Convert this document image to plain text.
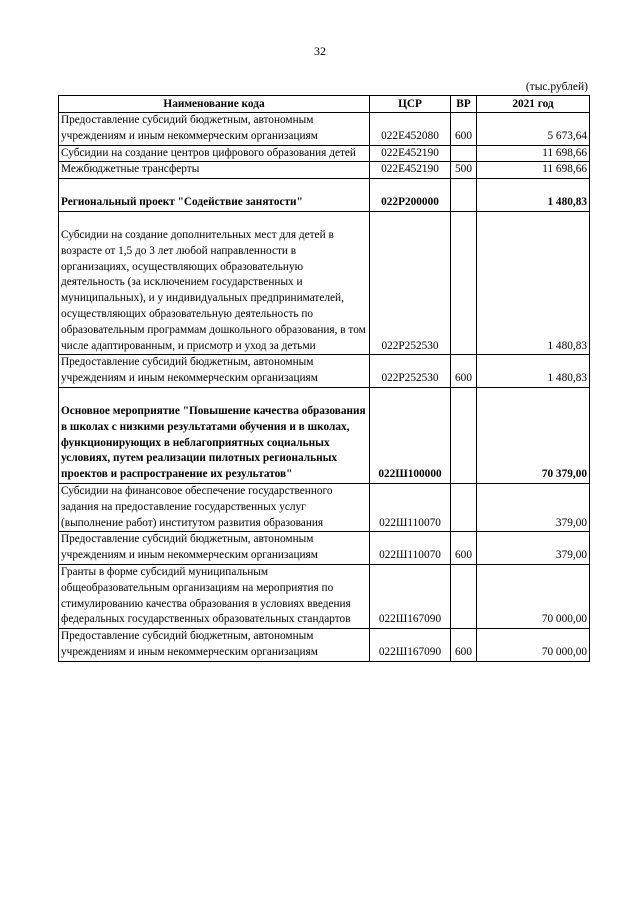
32
(тыс.рублей)
Наименование кода	ЦСР	ВР	2021 год
Предоставление субсидий бюджетным, автономным учреждениям и иным некоммерческим организациям	022E452080	600	5 673,64
Субсидии на создание центров цифрового образования детей	022E452190		11 698,66
Межбюджетные трансферты	022E452190	500	11 698,66
Региональный проект "Содействие занятости"	022P200000		1 480,83
Субсидии на создание дополнительных мест для детей в возрасте от 1,5 до 3 лет любой направленности в организациях, осуществляющих образовательную деятельность (за исключением государственных и муниципальных), и у индивидуальных предпринимателей, осуществляющих образовательную деятельность по образовательным программам дошкольного образования, в том числе адаптированным, и присмотр и уход за детьми	022P252530		1 480,83
Предоставление субсидий бюджетным, автономным учреждениям и иным некоммерческим организациям	022P252530	600	1 480,83
Основное мероприятие "Повышение качества образования в школах с низкими результатами обучения и в школах, функционирующих в неблагоприятных социальных условиях, путем реализации пилотных региональных проектов и распространение их результатов"	022Ш100000		70 379,00
Субсидии на финансовое обеспечение государственного задания на предоставление государственных услуг (выполнение работ) институтом развития образования	022Ш110070		379,00
Предоставление субсидий бюджетным, автономным учреждениям и иным некоммерческим организациям	022Ш110070	600	379,00
Гранты в форме субсидий муниципальным общеобразовательным организациям на мероприятия по стимулированию качества образования в условиях введения федеральных государственных образовательных стандартов	022Ш167090		70 000,00
Предоставление субсидий бюджетным, автономным учреждениям и иным некоммерческим организациям	022Ш167090	600	70 000,00
